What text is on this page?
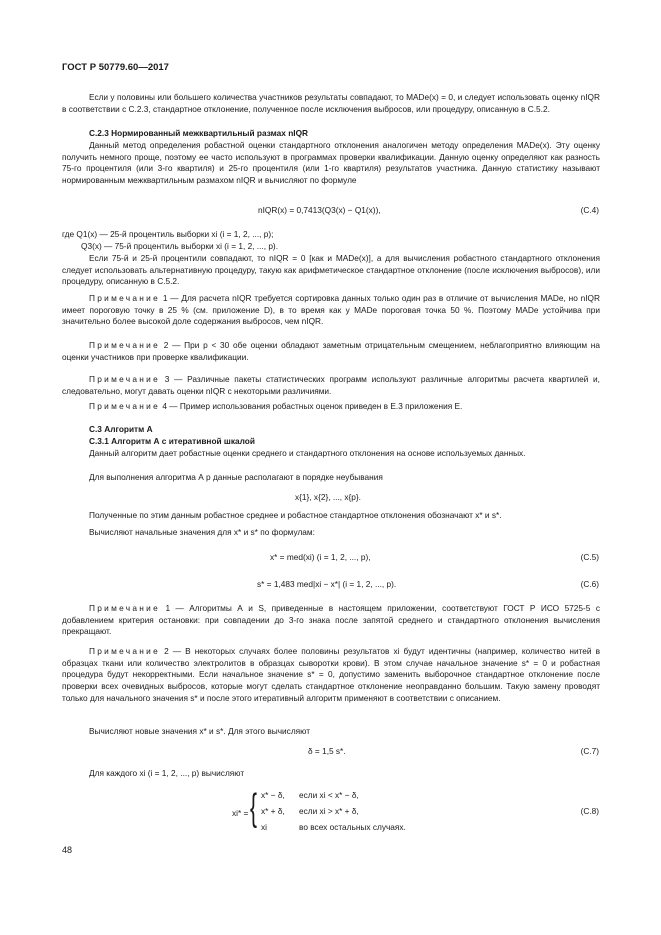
ГОСТ Р 50779.60—2017

Если у половины или большего количества участников результаты совпадают, то MADe(x) = 0, и следует использовать оценку nIQR в соответствии с С.2.3, стандартное отклонение, полученное после исключения выбросов, или процедуру, описанную в С.5.2.

С.2.3 Нормированный межквартильный размах nIQR

Данный метод определения робастной оценки стандартного отклонения аналогичен методу определения MADe(x). Эту оценку получить немного проще, поэтому ее часто используют в программах проверки квалификации. Данную оценку определяют как разность 75-го процентиля (или 3-го квартиля) и 25-го процентиля (или 1-го квартиля) результатов участника. Данную статистику называют нормированным межквартильным размахом nIQR и вычисляют по формуле

nIQR(x) = 0,7413(Q3(x) − Q1(x)),	(С.4)
где Q1(x) — 25-й процентиль выборки xi (i = 1, 2, ..., p);
Q3(x) — 75-й процентиль выборки xi (i = 1, 2, ..., p).

Если 75-й и 25-й процентили совпадают, то nIQR = 0 [как и MADe(x)], а для вычисления робастного стандартного отклонения следует использовать альтернативную процедуру, такую как арифметическое стандартное отклонение (после исключения выбросов), или процедуру, описанную в С.5.2.

Примечание 1 — Для расчета nIQR требуется сортировка данных только один раз в отличие от вычисления MADe, но nIQR имеет пороговую точку в 25 % (см. приложение D), в то время как у MADe пороговая точка 50 %. Поэтому MADe устойчива при значительно более высокой доле содержания выбросов, чем nIQR.

Примечание 2 — При p < 30 обе оценки обладают заметным отрицательным смещением, неблагоприятно влияющим на оценки участников при проверке квалификации.

Примечание 3 — Различные пакеты статистических программ используют различные алгоритмы расчета квартилей и, следовательно, могут давать оценки nIQR с некоторыми различиями.

Примечание 4 — Пример использования робастных оценок приведен в Е.3 приложения Е.

С.3 Алгоритм А
С.3.1 Алгоритм А с итеративной шкалой

Данный алгоритм дает робастные оценки среднего и стандартного отклонения на основе используемых данных.

Для выполнения алгоритма А p данные располагают в порядке неубывания

x{1}, x{2}, ..., x{p}.

Полученные по этим данным робастное среднее и робастное стандартное отклонения обозначают x* и s*.

Вычисляют начальные значения для x* и s* по формулам:

x* = med(xi) (i = 1, 2, ..., p),	(С.5)
s* = 1,483 med|xi − x*| (i = 1, 2, ..., p).	(С.6)

Примечание 1 — Алгоритмы А и S, приведенные в настоящем приложении, соответствуют ГОСТ Р ИСО 5725-5 с добавлением критерия остановки: при совпадении до 3-го знака после запятой среднего и стандартного отклонения вычисления прекращают.

Примечание 2 — В некоторых случаях более половины результатов xi будут идентичны (например, количество нитей в образцах ткани или количество электролитов в образцах сыворотки крови). В этом случае начальное значение s* = 0 и робастная процедура будут некорректными. Если начальное значение s* = 0, допустимо заменить выборочное стандартное отклонение после проверки всех очевидных выбросов, которые могут сделать стандартное отклонение неоправданно большим. Такую замену проводят только для начального значения s* и после этого итеративный алгоритм применяют в соответствии с описанием.

Вычисляют новые значения x* и s*. Для этого вычисляют

δ = 1,5 s*.	(С.7)

Для каждого xi (i = 1, 2, ..., p) вычисляют

xi* = { x* − δ, если xi < x* − δ,
x* + δ, если xi > x* + δ,
xi	во всех остальных случаях.
(С.8)
48
